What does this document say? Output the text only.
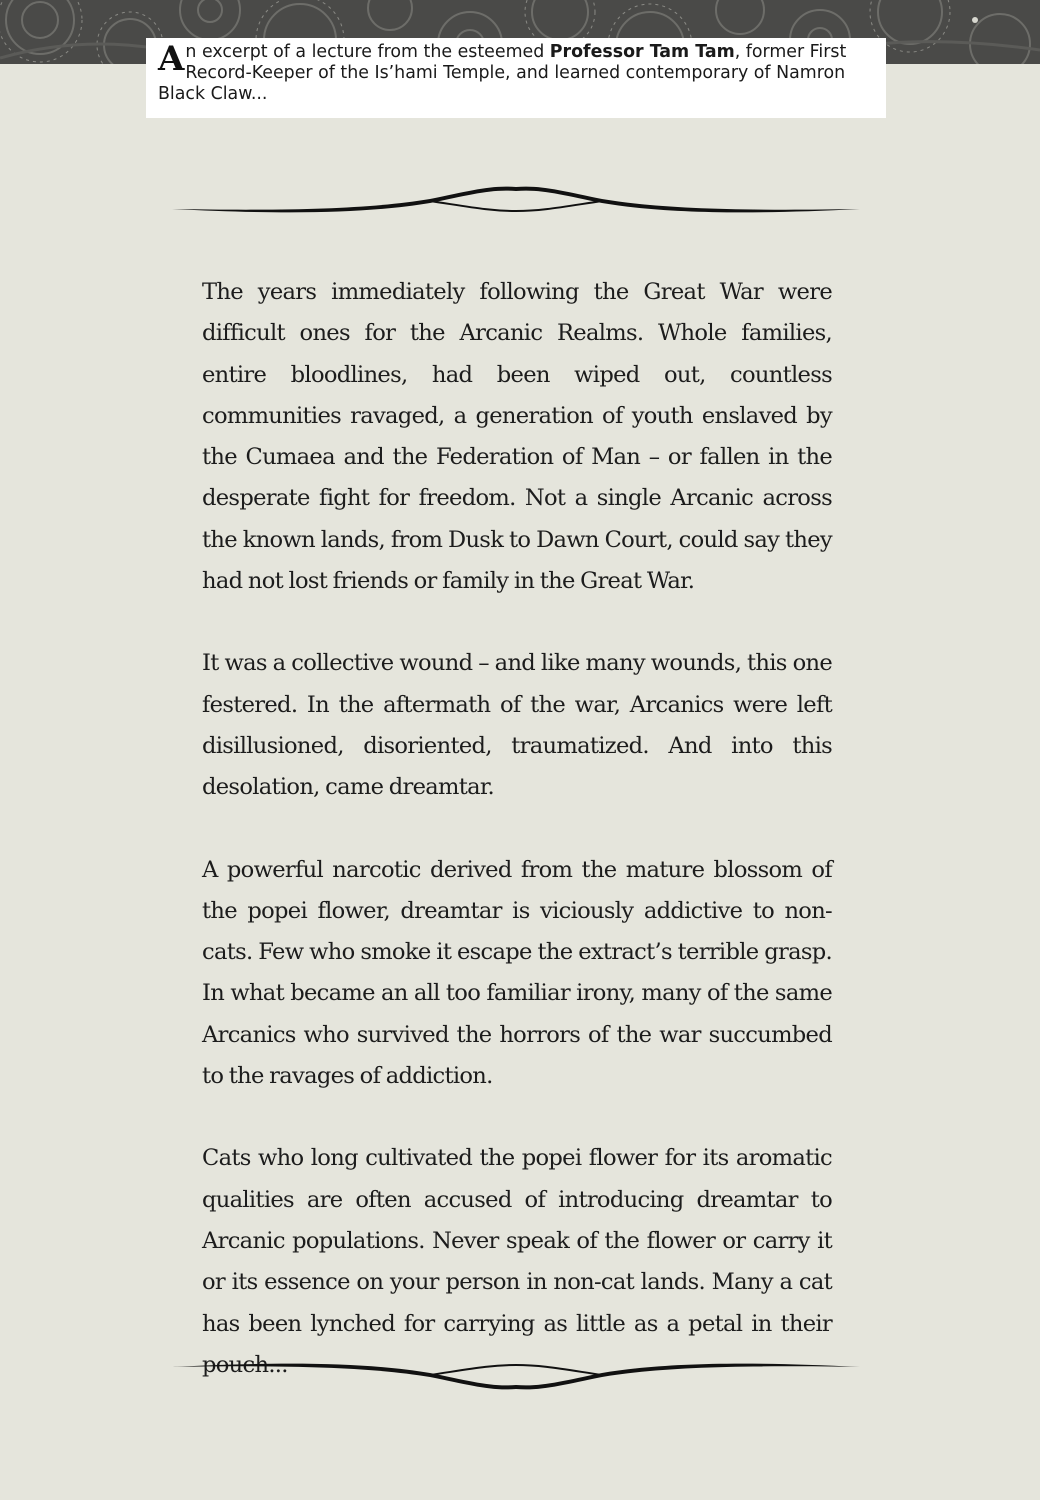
An excerpt of a lecture from the esteemed Professor Tam Tam, former First Record-Keeper of the Is’hami Temple, and learned contemporary of Namron Black Claw...

The years immediately following the Great War were difficult ones for the Arcanic Realms. Whole families, entire bloodlines, had been wiped out, countless communities ravaged, a generation of youth enslaved by the Cumaea and the Federation of Man – or fallen in the desperate fight for freedom. Not a single Arcanic across the known lands, from Dusk to Dawn Court, could say they had not lost friends or family in the Great War.

It was a collective wound – and like many wounds, this one festered. In the aftermath of the war, Arcanics were left disillusioned, disoriented, traumatized. And into this desolation, came dreamtar.

A powerful narcotic derived from the mature blossom of the popei flower, dreamtar is viciously addictive to non-cats. Few who smoke it escape the extract’s terrible grasp. In what became an all too familiar irony, many of the same Arcanics who survived the horrors of the war succumbed to the ravages of addiction.

Cats who long cultivated the popei flower for its aromatic qualities are often accused of introducing dreamtar to Arcanic populations. Never speak of the flower or carry it or its essence on your person in non-cat lands. Many a cat has been lynched for carrying as little as a petal in their pouch...
